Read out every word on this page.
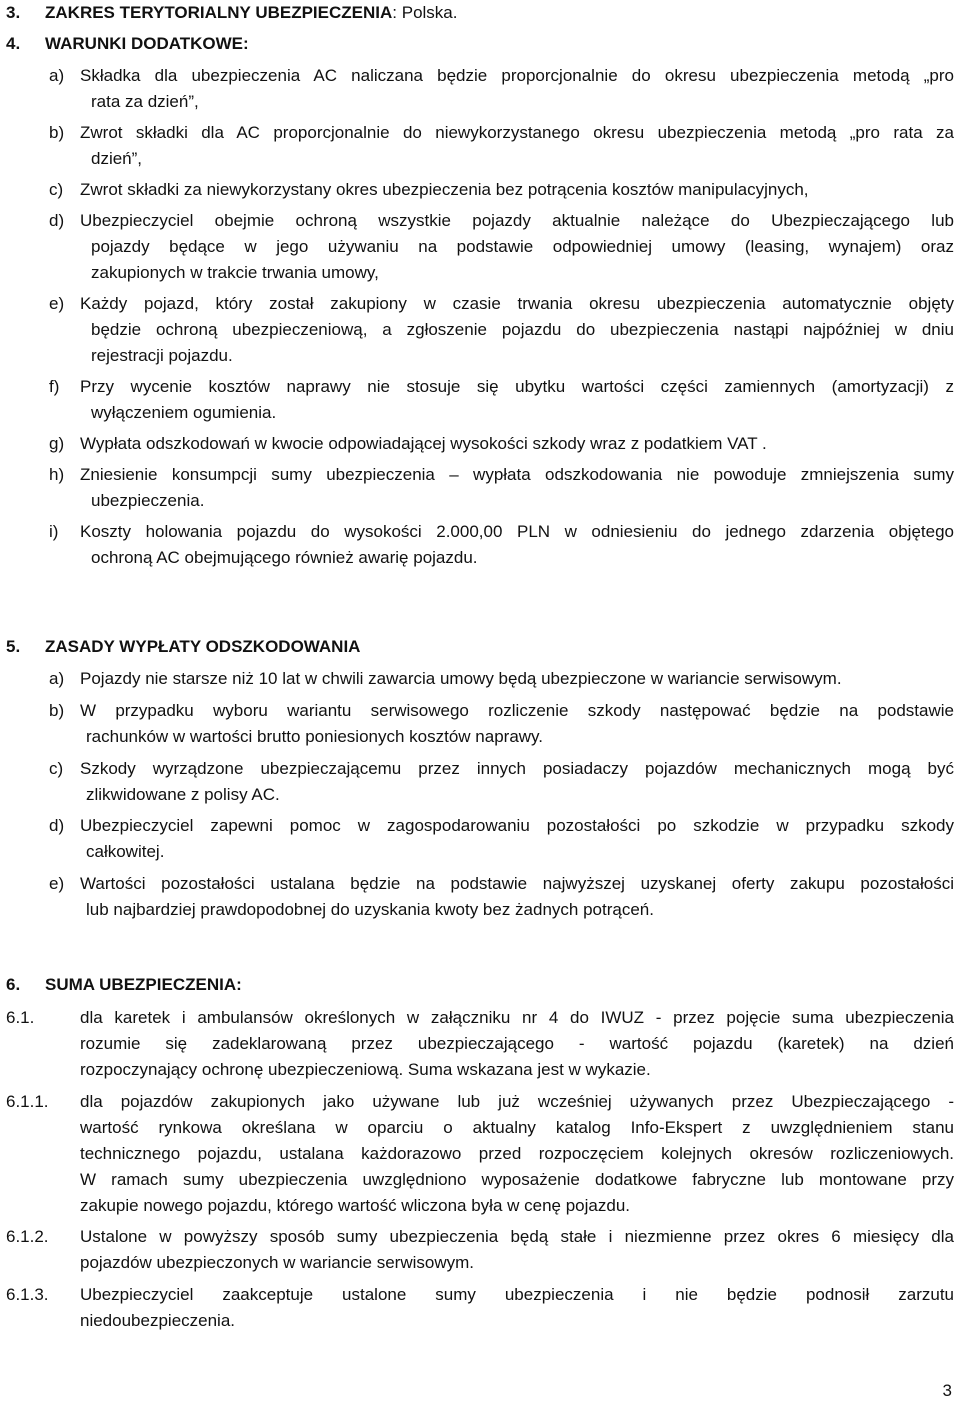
3. ZAKRES TERYTORIALNY UBEZPIECZENIA: Polska.
4. WARUNKI DODATKOWE:
a) Składka dla ubezpieczenia AC naliczana będzie proporcjonalnie do okresu ubezpieczenia metodą „pro
rata za dzień”,
b) Zwrot składki dla AC proporcjonalnie do niewykorzystanego okresu ubezpieczenia metodą „pro rata za
dzień”,
c) Zwrot składki za niewykorzystany okres ubezpieczenia bez potrącenia kosztów manipulacyjnych,
d) Ubezpieczyciel obejmie ochroną wszystkie pojazdy aktualnie należące do Ubezpieczającego lub
pojazdy będące w jego używaniu na podstawie odpowiedniej umowy (leasing, wynajem) oraz
zakupionych w trakcie trwania umowy,
e) Każdy pojazd, który został zakupiony w czasie trwania okresu ubezpieczenia automatycznie objęty
będzie ochroną ubezpieczeniową, a zgłoszenie pojazdu do ubezpieczenia nastąpi najpóźniej w dniu
rejestracji pojazdu.
f) Przy wycenie kosztów naprawy nie stosuje się ubytku wartości części zamiennych (amortyzacji) z
wyłączeniem ogumienia.
g) Wypłata odszkodowań w kwocie odpowiadającej wysokości szkody wraz z podatkiem VAT .
h) Zniesienie konsumpcji sumy ubezpieczenia – wypłata odszkodowania nie powoduje zmniejszenia sumy
ubezpieczenia.
i) Koszty holowania pojazdu do wysokości 2.000,00 PLN w odniesieniu do jednego zdarzenia objętego
ochroną AC obejmującego również awarię pojazdu.
5. ZASADY WYPŁATY ODSZKODOWANIA
a) Pojazdy nie starsze niż 10 lat w chwili zawarcia umowy będą ubezpieczone w wariancie serwisowym.
b) W przypadku wyboru wariantu serwisowego rozliczenie szkody następować będzie na podstawie
rachunków w wartości brutto poniesionych kosztów naprawy.
c) Szkody wyrządzone ubezpieczającemu przez innych posiadaczy pojazdów mechanicznych mogą być
zlikwidowane z polisy AC.
d) Ubezpieczyciel zapewni pomoc w zagospodarowaniu pozostałości po szkodzie w przypadku szkody
całkowitej.
e) Wartości pozostałości ustalana będzie na podstawie najwyższej uzyskanej oferty zakupu pozostałości
lub najbardziej prawdopodobnej do uzyskania kwoty bez żadnych potrąceń.
6. SUMA UBEZPIECZENIA:
6.1.	dla karetek i ambulansów określonych w załączniku nr 4 do IWUZ - przez pojęcie suma ubezpieczenia
rozumie się zadeklarowaną przez ubezpieczającego - wartość pojazdu (karetek) na dzień
rozpoczynający ochronę ubezpieczeniową. Suma wskazana jest w wykazie.
6.1.1. dla pojazdów zakupionych jako używane lub już wcześniej używanych przez Ubezpieczającego -
wartość rynkowa określana w oparciu o aktualny katalog Info-Ekspert z uwzględnieniem stanu
technicznego pojazdu, ustalana każdorazowo przed rozpoczęciem kolejnych okresów rozliczeniowych.
W ramach sumy ubezpieczenia uwzględniono wyposażenie dodatkowe fabryczne lub montowane przy
zakupie nowego pojazdu, którego wartość wliczona była w cenę pojazdu.
6.1.2. Ustalone w powyższy sposób sumy ubezpieczenia będą stałe i niezmienne przez okres 6 miesięcy dla
pojazdów ubezpieczonych w wariancie serwisowym.
6.1.3. Ubezpieczyciel zaakceptuje ustalone sumy ubezpieczenia i nie będzie podnosił zarzutu
niedoubezpieczenia.
3
